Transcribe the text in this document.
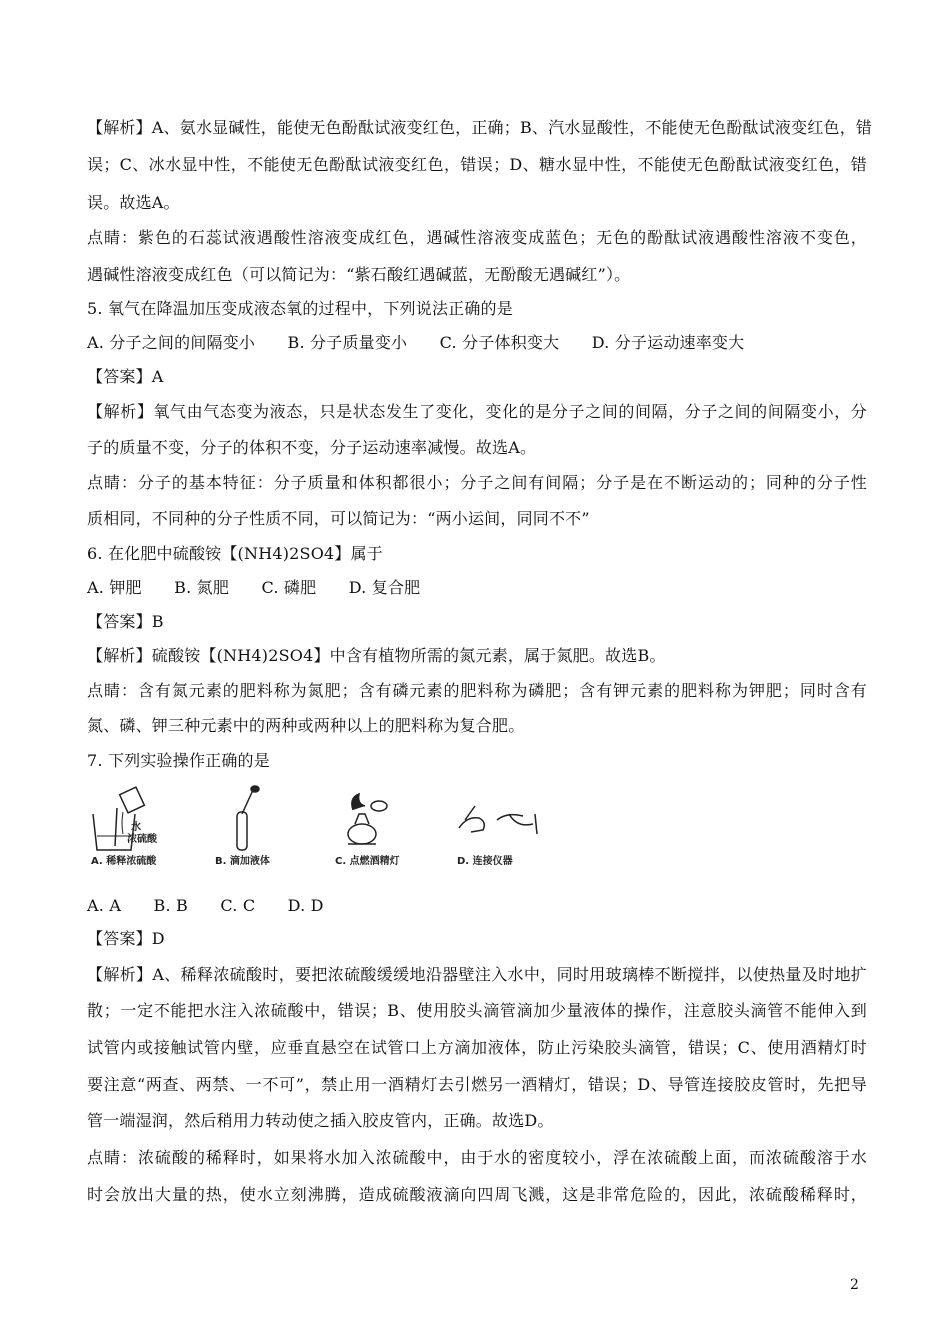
【解析】A、氨水显碱性，能使无色酚酞试液变红色，正确；B、汽水显酸性，不能使无色酚酞试液变红色，错
误；C、冰水显中性，不能使无色酚酞试液变红色，错误；D、糖水显中性，不能使无色酚酞试液变红色，错
误。故选A。
点睛：紫色的石蕊试液遇酸性溶液变成红色，遇碱性溶液变成蓝色；无色的酚酞试液遇酸性溶液不变色，
遇碱性溶液变成红色（可以简记为：“紫石酸红遇碱蓝，无酚酸无遇碱红”）。
5. 氧气在降温加压变成液态氧的过程中，下列说法正确的是
A. 分子之间的间隔变小　　B. 分子质量变小　　C. 分子体积变大　　D. 分子运动速率变大
【答案】A
【解析】氧气由气态变为液态，只是状态发生了变化，变化的是分子之间的间隔，分子之间的间隔变小，分
子的质量不变，分子的体积不变，分子运动速率减慢。故选A。
点睛：分子的基本特征：分子质量和体积都很小；分子之间有间隔；分子是在不断运动的；同种的分子性
质相同，不同种的分子性质不同，可以简记为：“两小运间，同同不不”
6. 在化肥中硫酸铵【(NH4)2SO4】属于
A. 钾肥　　B. 氮肥　　C. 磷肥　　D. 复合肥
【答案】B
【解析】硫酸铵【(NH4)2SO4】中含有植物所需的氮元素，属于氮肥。故选B。
点睛：含有氮元素的肥料称为氮肥；含有磷元素的肥料称为磷肥；含有钾元素的肥料称为钾肥；同时含有
氮、磷、钾三种元素中的两种或两种以上的肥料称为复合肥。
7. 下列实验操作正确的是
水
浓硫酸
A. 稀释浓硫酸	B. 滴加液体	C. 点燃酒精灯	D. 连接仪器
A. A　　B. B　　C. C　　D. D
【答案】D
【解析】A、稀释浓硫酸时，要把浓硫酸缓缓地沿器壁注入水中，同时用玻璃棒不断搅拌，以使热量及时地扩
散；一定不能把水注入浓硫酸中，错误；B、使用胶头滴管滴加少量液体的操作，注意胶头滴管不能伸入到
试管内或接触试管内壁，应垂直悬空在试管口上方滴加液体，防止污染胶头滴管，错误；C、使用酒精灯时
要注意“两查、两禁、一不可”，禁止用一酒精灯去引燃另一酒精灯，错误；D、导管连接胶皮管时，先把导
管一端湿润，然后稍用力转动使之插入胶皮管内，正确。故选D。
点睛：浓硫酸的稀释时，如果将水加入浓硫酸中，由于水的密度较小，浮在浓硫酸上面，而浓硫酸溶于水
时会放出大量的热，使水立刻沸腾，造成硫酸液滴向四周飞溅，这是非常危险的，因此，浓硫酸稀释时，
2
